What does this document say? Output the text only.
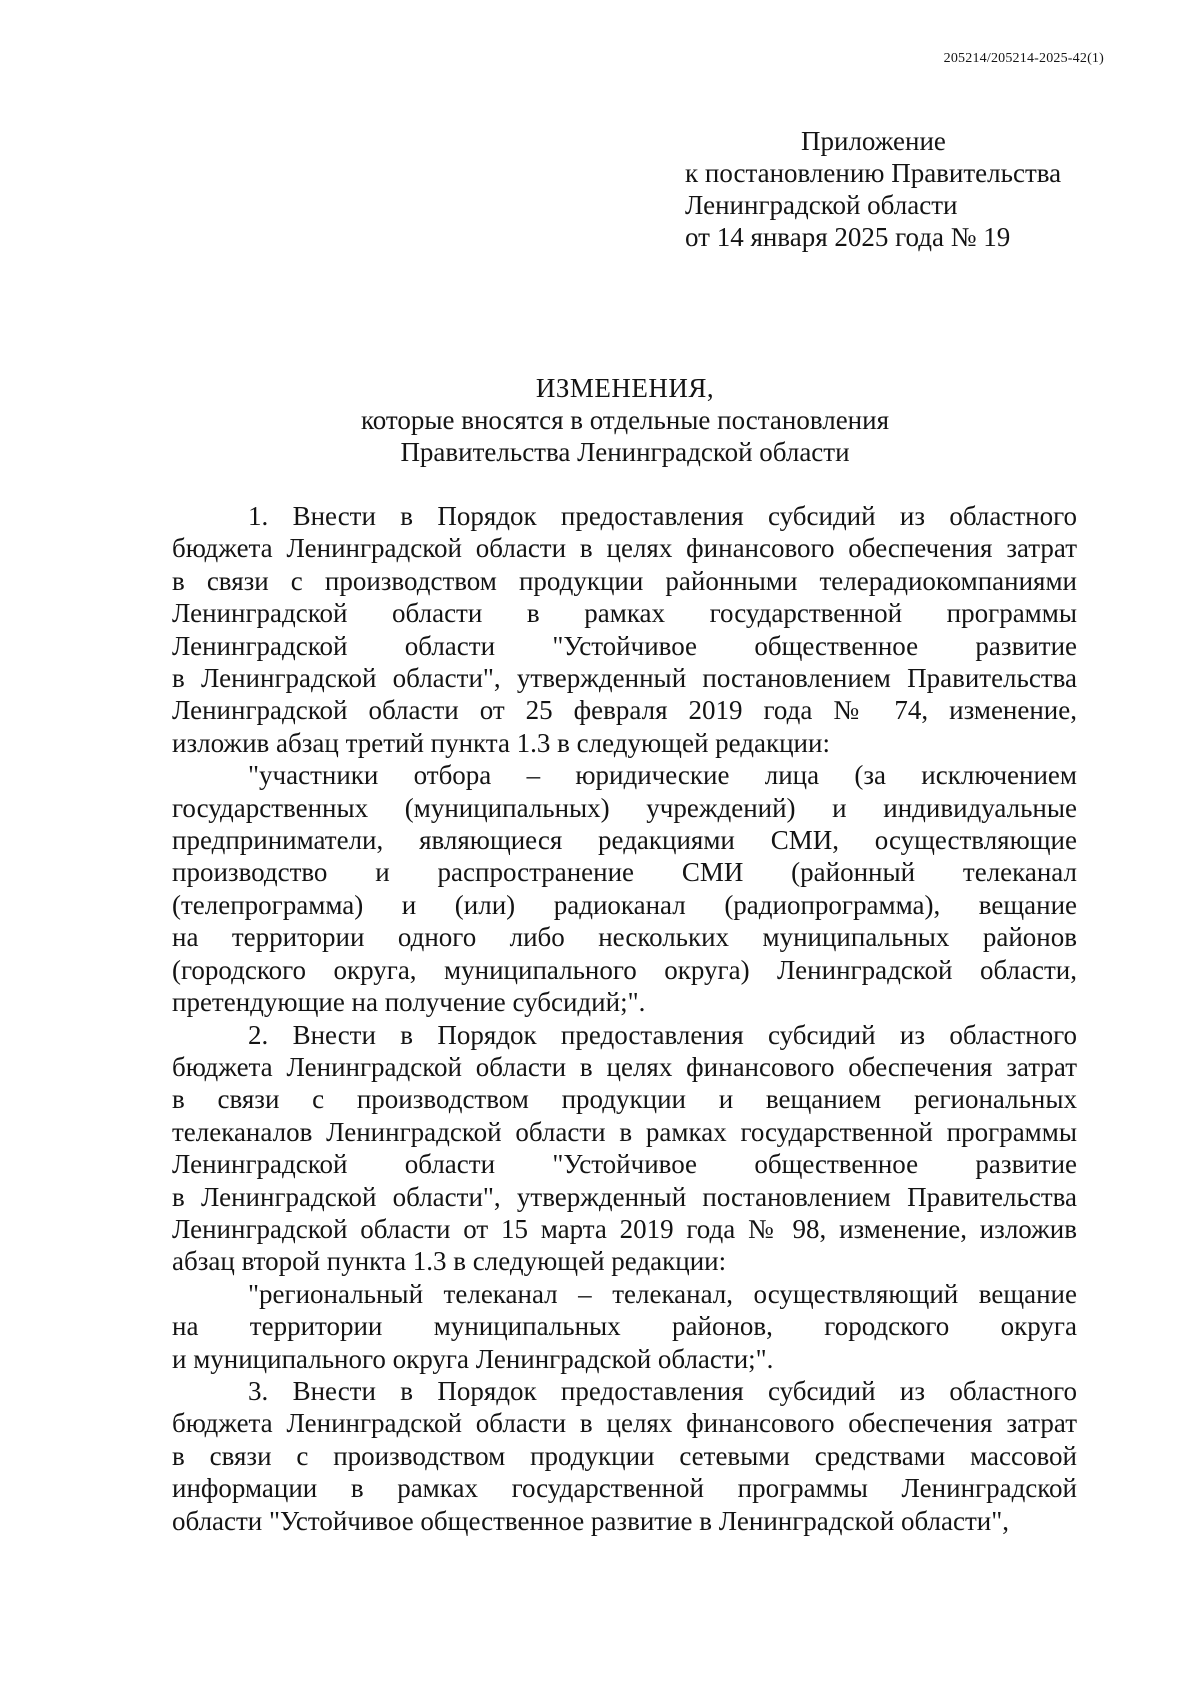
205214/205214-2025-42(1)
Приложение
к постановлению Правительства
Ленинградской области
от 14 января 2025 года № 19
ИЗМЕНЕНИЯ,
которые вносятся в отдельные постановления
Правительства Ленинградской области
1. Внести в Порядок предоставления субсидий из областного
бюджета Ленинградской области в целях финансового обеспечения затрат
в связи с производством продукции районными телерадиокомпаниями
Ленинградской области в рамках государственной программы
Ленинградской области "Устойчивое общественное развитие
в Ленинградской области", утвержденный постановлением Правительства
Ленинградской области от 25 февраля 2019 года № 74, изменение,
изложив абзац третий пункта 1.3 в следующей редакции:
"участники отбора – юридические лица (за исключением
государственных (муниципальных) учреждений) и индивидуальные
предприниматели, являющиеся редакциями СМИ, осуществляющие
производство и распространение СМИ (районный телеканал
(телепрограмма) и (или) радиоканал (радиопрограмма), вещание
на территории одного либо нескольких муниципальных районов
(городского округа, муниципального округа) Ленинградской области,
претендующие на получение субсидий;".
2. Внести в Порядок предоставления субсидий из областного
бюджета Ленинградской области в целях финансового обеспечения затрат
в связи с производством продукции и вещанием региональных
телеканалов Ленинградской области в рамках государственной программы
Ленинградской области "Устойчивое общественное развитие
в Ленинградской области", утвержденный постановлением Правительства
Ленинградской области от 15 марта 2019 года № 98, изменение, изложив
абзац второй пункта 1.3 в следующей редакции:
"региональный телеканал – телеканал, осуществляющий вещание
на территории муниципальных районов, городского округа
и муниципального округа Ленинградской области;".
3. Внести в Порядок предоставления субсидий из областного
бюджета Ленинградской области в целях финансового обеспечения затрат
в связи с производством продукции сетевыми средствами массовой
информации в рамках государственной программы Ленинградской
области "Устойчивое общественное развитие в Ленинградской области",
